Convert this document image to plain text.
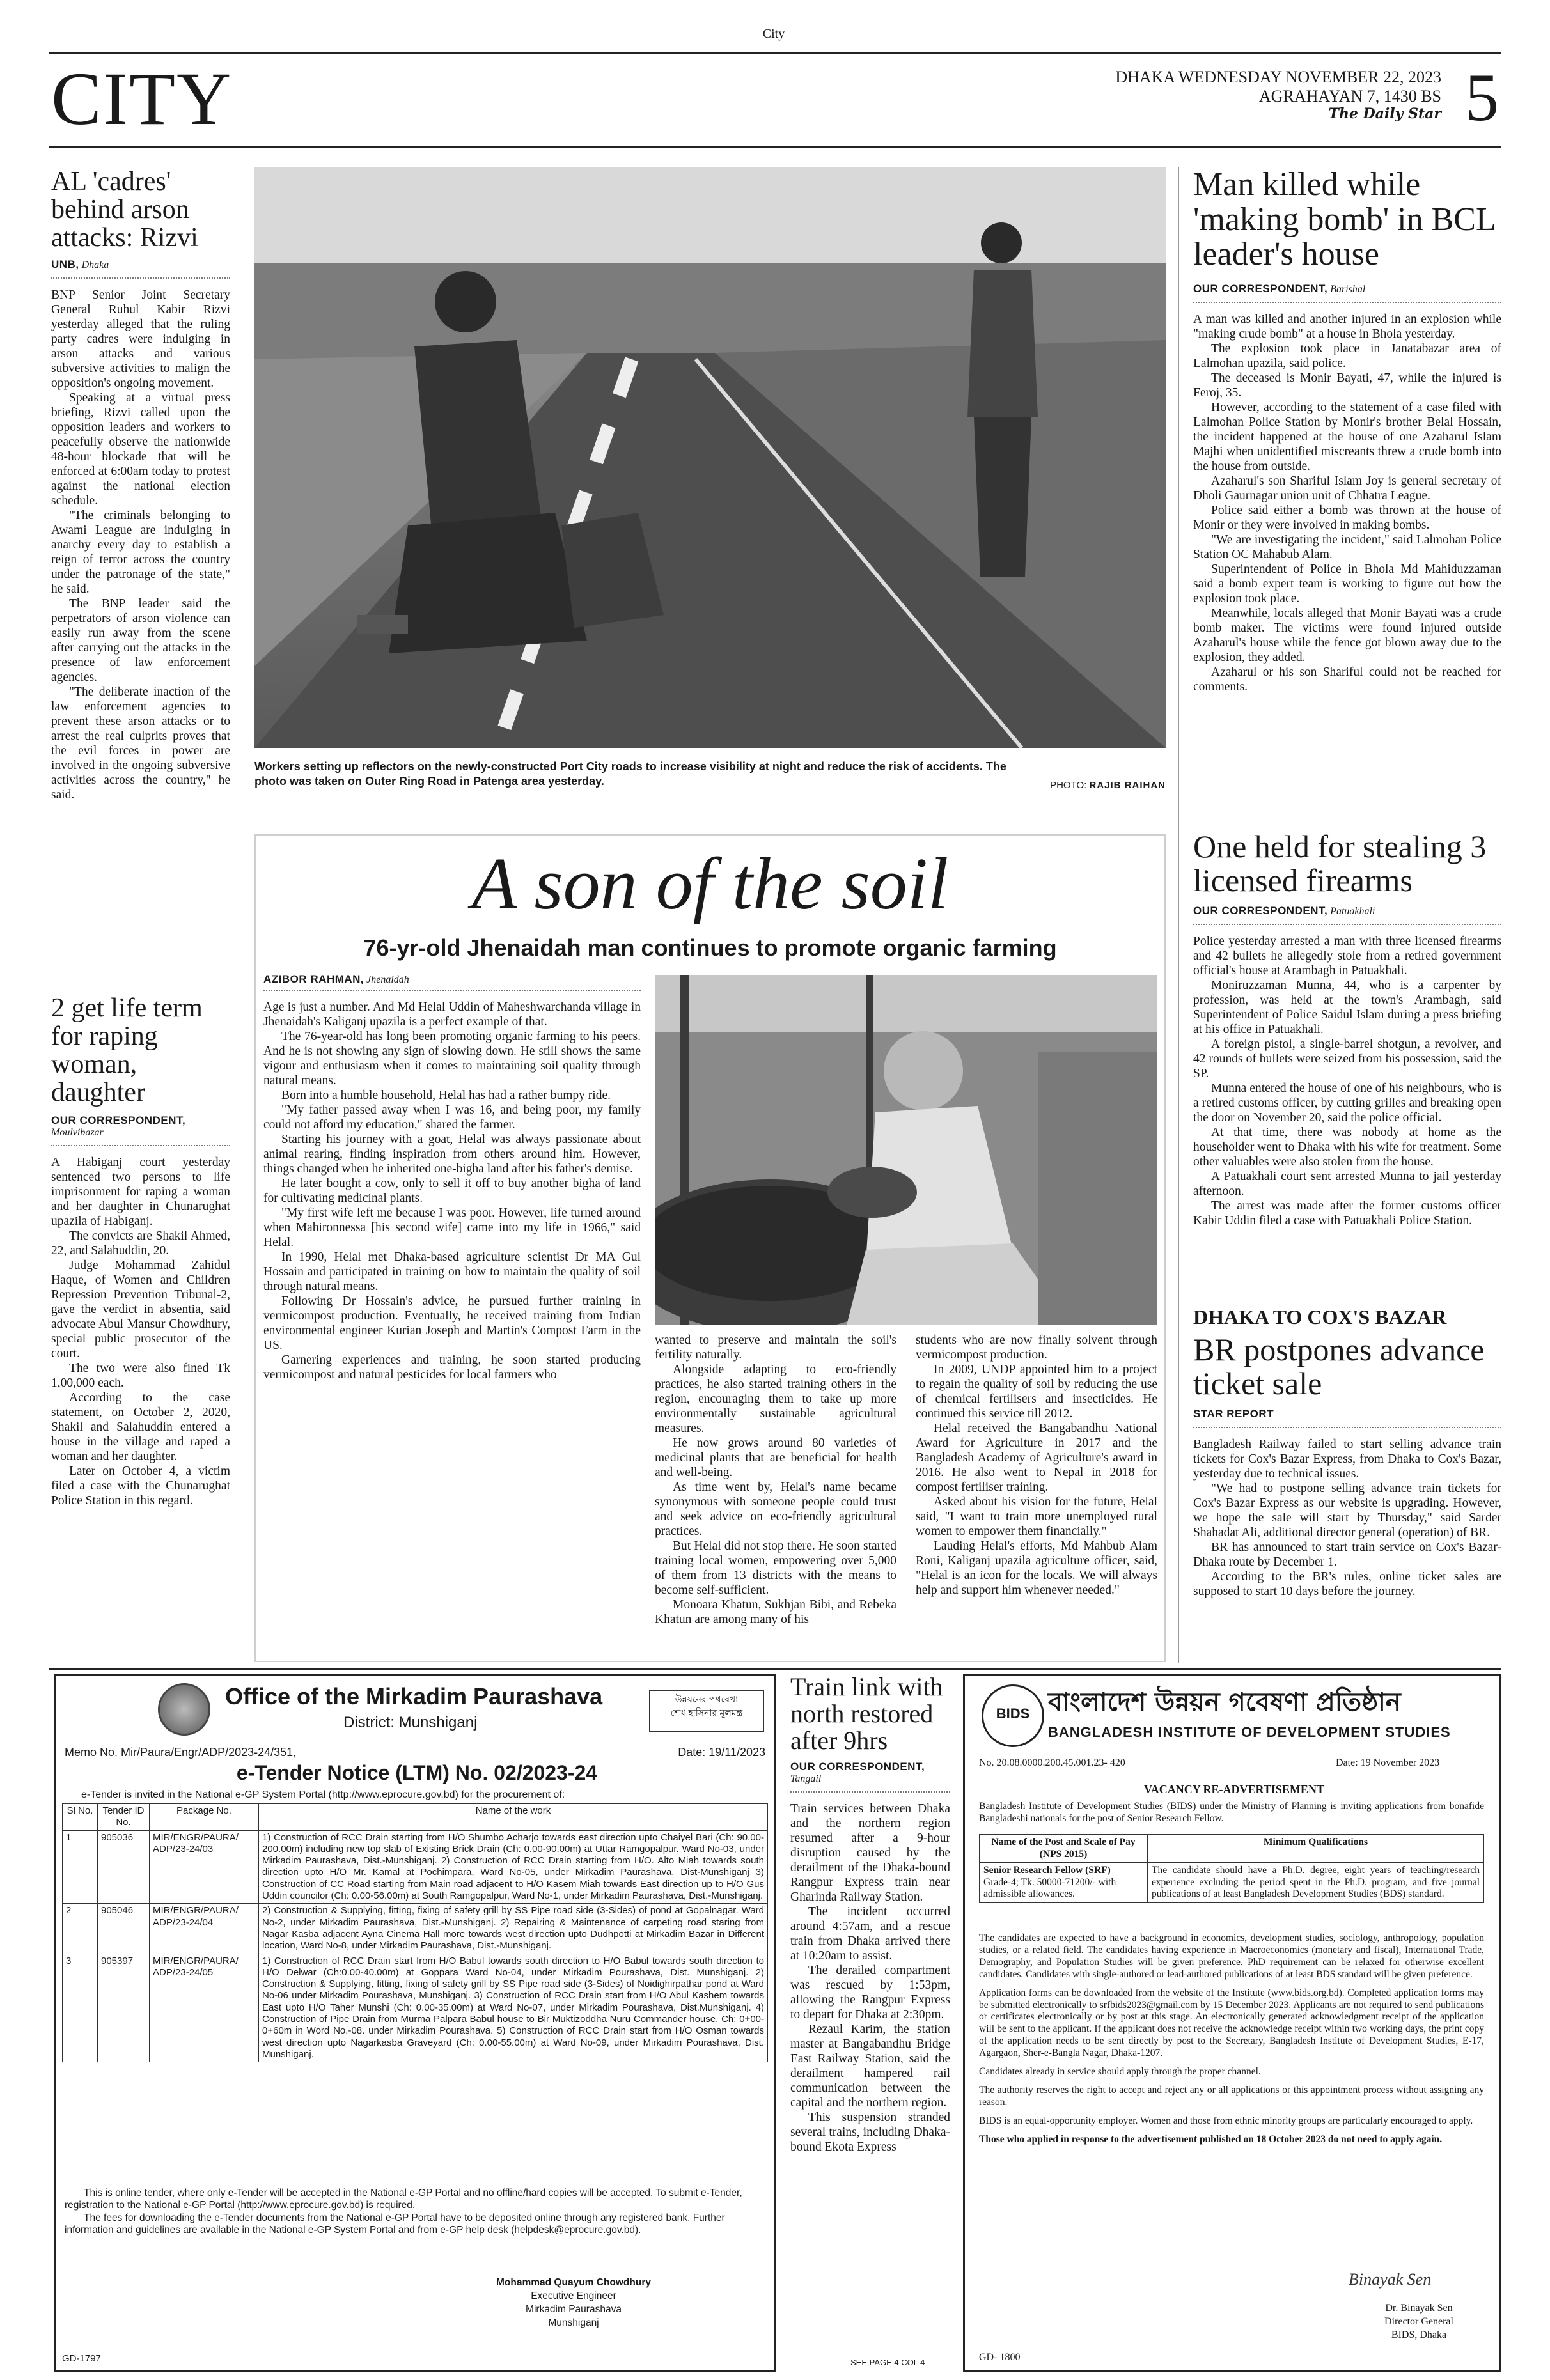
City
CITY	DHAKA WEDNESDAY NOVEMBER 22, 2023
AGRAHAYAN 7, 1430 BS
The Daily Star 5
AL 'cadres' behind arson attacks: Rizvi
UNB, Dhaka

BNP Senior Joint Secretary General Ruhul Kabir Rizvi yesterday alleged that the ruling party cadres were indulging in arson attacks and various subversive activities to malign the opposition's ongoing movement.

Speaking at a virtual press briefing, Rizvi called upon the opposition leaders and workers to peacefully observe the nationwide 48-hour blockade that will be enforced at 6:00am today to protest against the national election schedule.

"The criminals belonging to Awami League are indulging in anarchy every day to establish a reign of terror across the country under the patronage of the state," he said.

The BNP leader said the perpetrators of arson violence can easily run away from the scene after carrying out the attacks in the presence of law enforcement agencies.

"The deliberate inaction of the law enforcement agencies to prevent these arson attacks or to arrest the real culprits proves that the evil forces in power are involved in the ongoing subversive activities across the country," he said.

2 get life term for raping woman, daughter
OUR CORRESPONDENT,
Moulvibazar

A Habiganj court yesterday sentenced two persons to life imprisonment for raping a woman and her daughter in Chunarughat upazila of Habiganj.

The convicts are Shakil Ahmed, 22, and Salahuddin, 20.

Judge Mohammad Zahidul Haque, of Women and Children Repression Prevention Tribunal-2, gave the verdict in absentia, said advocate Abul Mansur Chowdhury, special public prosecutor of the court.

The two were also fined Tk 1,00,000 each.

According to the case statement, on October 2, 2020, Shakil and Salahuddin entered a house in the village and raped a woman and her daughter.

Later on October 4, a victim filed a case with the Chunarughat Police Station in this regard.

Workers setting up reflectors on the newly-constructed Port City roads to increase visibility at night and reduce the risk of accidents. The photo was taken on Outer Ring Road in Patenga area yesterday.	PHOTO: RAJIB RAIHAN
A son of the soil
76-yr-old Jhenaidah man continues to promote organic farming
AZIBOR RAHMAN, Jhenaidah

Age is just a number. And Md Helal Uddin of Maheshwarchanda village in Jhenaidah's Kaliganj upazila is a perfect example of that.

The 76-year-old has long been promoting organic farming to his peers. And he is not showing any sign of slowing down. He still shows the same vigour and enthusiasm when it comes to maintaining soil quality through natural means.

Born into a humble household, Helal has had a rather bumpy ride.

"My father passed away when I was 16, and being poor, my family could not afford my education," shared the farmer.

Starting his journey with a goat, Helal was always passionate about animal rearing, finding inspiration from others around him. However, things changed when he inherited one-bigha land after his father's demise.

He later bought a cow, only to sell it off to buy another bigha of land for cultivating medicinal plants.

"My first wife left me because I was poor. However, life turned around when Mahironnessa [his second wife] came into my life in 1966," said Helal.

In 1990, Helal met Dhaka-based agriculture scientist Dr MA Gul Hossain and participated in training on how to maintain the quality of soil through natural means.

Following Dr Hossain's advice, he pursued further training in vermicompost production. Eventually, he received training from Indian environmental engineer Kurian Joseph and Martin's Compost Farm in the US.

Garnering experiences and training, he soon started producing vermicompost and natural pesticides for local farmers who

wanted to preserve and maintain the soil's fertility naturally.

Alongside adapting to eco-friendly practices, he also started training others in the region, encouraging them to take up more environmentally sustainable agricultural measures.

He now grows around 80 varieties of medicinal plants that are beneficial for health and well-being.

As time went by, Helal's name became synonymous with someone people could trust and seek advice on eco-friendly agricultural practices.

But Helal did not stop there. He soon started training local women, empowering over 5,000 of them from 13 districts with the means to become self-sufficient.

Monoara Khatun, Sukhjan Bibi, and Rebeka Khatun are among many of his

students who are now finally solvent through vermicompost production.

In 2009, UNDP appointed him to a project to regain the quality of soil by reducing the use of chemical fertilisers and insecticides. He continued this service till 2012.

Helal received the Bangabandhu National Award for Agriculture in 2017 and the Bangladesh Academy of Agriculture's award in 2016. He also went to Nepal in 2018 for compost fertiliser training.

Asked about his vision for the future, Helal said, "I want to train more unemployed rural women to empower them financially."

Lauding Helal's efforts, Md Mahbub Alam Roni, Kaliganj upazila agriculture officer, said, "Helal is an icon for the locals. We will always help and support him whenever needed."

Man killed while 'making bomb' in BCL leader's house
OUR CORRESPONDENT, Barishal

A man was killed and another injured in an explosion while "making crude bomb" at a house in Bhola yesterday.

The explosion took place in Janatabazar area of Lalmohan upazila, said police.

The deceased is Monir Bayati, 47, while the injured is Feroj, 35.

However, according to the statement of a case filed with Lalmohan Police Station by Monir's brother Belal Hossain, the incident happened at the house of one Azaharul Islam Majhi when unidentified miscreants threw a crude bomb into the house from outside.

Azaharul's son Shariful Islam Joy is general secretary of Dholi Gaurnagar union unit of Chhatra League.

Police said either a bomb was thrown at the house of Monir or they were involved in making bombs.

"We are investigating the incident," said Lalmohan Police Station OC Mahabub Alam.

Superintendent of Police in Bhola Md Mahiduzzaman said a bomb expert team is working to figure out how the explosion took place.

Meanwhile, locals alleged that Monir Bayati was a crude bomb maker. The victims were found injured outside Azaharul's house while the fence got blown away due to the explosion, they added.

Azaharul or his son Shariful could not be reached for comments.

One held for stealing 3 licensed firearms
OUR CORRESPONDENT, Patuakhali

Police yesterday arrested a man with three licensed firearms and 42 bullets he allegedly stole from a retired government official's house at Arambagh in Patuakhali.

Moniruzzaman Munna, 44, who is a carpenter by profession, was held at the town's Arambagh, said Superintendent of Police Saidul Islam during a press briefing at his office in Patuakhali.

A foreign pistol, a single-barrel shotgun, a revolver, and 42 rounds of bullets were seized from his possession, said the SP.

Munna entered the house of one of his neighbours, who is a retired customs officer, by cutting grilles and breaking open the door on November 20, said the police official.

At that time, there was nobody at home as the householder went to Dhaka with his wife for treatment. Some other valuables were also stolen from the house.

A Patuakhali court sent arrested Munna to jail yesterday afternoon.

The arrest was made after the former customs officer Kabir Uddin filed a case with Patuakhali Police Station.

DHAKA TO COX'S BAZAR
BR postpones advance ticket sale
STAR REPORT

Bangladesh Railway failed to start selling advance train tickets for Cox's Bazar Express, from Dhaka to Cox's Bazar, yesterday due to technical issues.

"We had to postpone selling advance train tickets for Cox's Bazar Express as our website is upgrading. However, we hope the sale will start by Thursday," said Sarder Shahadat Ali, additional director general (operation) of BR.

BR has announced to start train service on Cox's Bazar-Dhaka route by December 1.

According to the BR's rules, online ticket sales are supposed to start 10 days before the journey.

Office of the Mirkadim Paurashava
District: Munshiganj
উন্নয়নের পথরেখা
শেখ হাসিনার মূলমন্ত্র
Memo No. Mir/Paura/Engr/ADP/2023-24/351,	Date: 19/11/2023
e-Tender Notice (LTM) No. 02/2023-24
e-Tender is invited in the National e-GP System Portal (http://www.eprocure.gov.bd) for the procurement of:
Sl No.	Tender ID No.	Package No.	Name of the work
1	905036	MIR/ENGR/PAURA/ ADP/23-24/03	1) Construction of RCC Drain starting from H/O Shumbo Acharjo towards east direction upto Chaiyel Bari (Ch: 90.00-200.00m) including new top slab of Existing Brick Drain (Ch: 0.00-90.00m) at Uttar Ramgopalpur. Ward No-03, under Mirkadim Paurashava, Dist.-Munshiganj. 2) Construction of RCC Drain starting from H/O. Alto Miah towards south direction upto H/O Mr. Kamal at Pochimpara, Ward No-05, under Mirkadim Paurashava. Dist-Munshiganj 3) Construction of CC Road starting from Main road adjacent to H/O Kasem Miah towards East direction up to H/O Gus Uddin councilor (Ch: 0.00-56.00m) at South Ramgopalpur, Ward No-1, under Mirkadim Paurashava, Dist.-Munshiganj.
2	905046	MIR/ENGR/PAURA/ ADP/23-24/04	2) Construction & Supplying, fitting, fixing of safety grill by SS Pipe road side (3-Sides) of pond at Gopalnagar. Ward No-2, under Mirkadim Paurashava, Dist.-Munshiganj. 2) Repairing & Maintenance of carpeting road staring from Nagar Kasba adjacent Ayna Cinema Hall more towards west direction upto Dudhpotti at Mirkadim Bazar in Different location, Ward No-8, under Mirkadim Paurashava, Dist.-Munshiganj.
3	905397	MIR/ENGR/PAURA/ ADP/23-24/05	1) Construction of RCC Drain start from H/O Babul towards south direction to H/O Babul towards south direction to H/O Delwar (Ch:0.00-40.00m) at Goppara Ward No-04, under Mirkadim Pourashava, Dist. Munshiganj. 2) Construction & Supplying, fitting, fixing of safety grill by SS Pipe road side (3-Sides) of Noidighirpathar pond at Ward No-06 under Mirkadim Pourashava, Munshiganj. 3) Construction of RCC Drain start from H/O Abul Kashem towards East upto H/O Taher Munshi (Ch: 0.00-35.00m) at Ward No-07, under Mirkadim Pourashava, Dist.Munshiganj. 4) Construction of Pipe Drain from Murma Palpara Babul house to Bir Muktizoddha Nuru Commander house, Ch: 0+00-0+60m in Word No.-08. under Mirkadim Pourashava. 5) Construction of RCC Drain start from H/O Osman towards west direction upto Nagarkasba Graveyard (Ch: 0.00-55.00m) at Ward No-09, under Mirkadim Pourashava, Dist. Munshiganj.
This is online tender, where only e-Tender will be accepted in the National e-GP Portal and no offline/hard copies will be accepted. To submit e-Tender, registration to the National e-GP Portal (http://www.eprocure.gov.bd) is required.
The fees for downloading the e-Tender documents from the National e-GP Portal have to be deposited online through any registered bank. Further information and guidelines are available in the National e-GP System Portal and from e-GP help desk (helpdesk@eprocure.gov.bd).
Mohammad Quayum Chowdhury
Executive Engineer
Mirkadim Paurashava
Munshiganj
GD-1797
Train link with north restored after 9hrs
OUR CORRESPONDENT,
Tangail

Train services between Dhaka and the northern region resumed after a 9-hour disruption caused by the derailment of the Dhaka-bound Rangpur Express train near Gharinda Railway Station.

The incident occurred around 4:57am, and a rescue train from Dhaka arrived there at 10:20am to assist.

The derailed compartment was rescued by 1:53pm, allowing the Rangpur Express to depart for Dhaka at 2:30pm.

Rezaul Karim, the station master at Bangabandhu Bridge East Railway Station, said the derailment hampered rail communication between the capital and the northern region.

This suspension stranded several trains, including Dhaka-bound Ekota Express

SEE PAGE 4 COL 4
BIDS বাংলাদেশ উন্নয়ন গবেষণা প্রতিষ্ঠান
BANGLADESH INSTITUTE OF DEVELOPMENT STUDIES
No. 20.08.0000.200.45.001.23- 420	Date: 19 November 2023
VACANCY RE-ADVERTISEMENT
Bangladesh Institute of Development Studies (BIDS) under the Ministry of Planning is inviting applications from bonafide Bangladeshi nationals for the post of Senior Research Fellow.
Name of the Post and Scale of Pay (NPS 2015)	Minimum Qualifications
Senior Research Fellow (SRF)
Grade-4; Tk. 50000-71200/- with admissible allowances.	The candidate should have a Ph.D. degree, eight years of teaching/research experience excluding the period spent in the Ph.D. program, and five journal publications of at least Bangladesh Development Studies (BDS) standard.

The candidates are expected to have a background in economics, development studies, sociology, anthropology, population studies, or a related field. The candidates having experience in Macroeconomics (monetary and fiscal), International Trade, Demography, and Population Studies will be given preference. PhD requirement can be relaxed for otherwise excellent candidates. Candidates with single-authored or lead-authored publications of at least BDS standard will be given preference.

Application forms can be downloaded from the website of the Institute (www.bids.org.bd). Completed application forms may be submitted electronically to srfbids2023@gmail.com by 15 December 2023. Applicants are not required to send publications or certificates electronically or by post at this stage. An electronically generated acknowledgment receipt of the application will be sent to the applicant. If the applicant does not receive the acknowledge receipt within two working days, the print copy of the application needs to be sent directly by post to the Secretary, Bangladesh Institute of Development Studies, E-17, Agargaon, Sher-e-Bangla Nagar, Dhaka-1207.

Candidates already in service should apply through the proper channel.

The authority reserves the right to accept and reject any or all applications or this appointment process without assigning any reason.

BIDS is an equal-opportunity employer. Women and those from ethnic minority groups are particularly encouraged to apply.

Those who applied in response to the advertisement published on 18 October 2023 do not need to apply again.

Binayak Sen
Dr. Binayak Sen
Director General
BIDS, Dhaka
GD- 1800
